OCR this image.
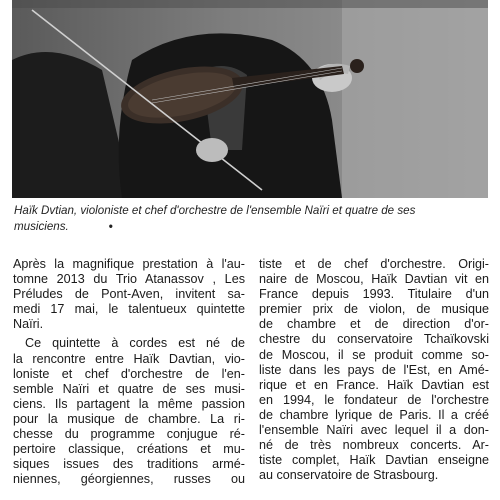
Haïk Dvtian, violoniste et chef d'orchestre de l'ensemble Naïri et quatre de ses
musiciens.	•
Après la magnifique prestation à l'au-
tomne 2013 du Trio Atanassov , Les
Préludes de Pont-Aven, invitent sa-
medi 17 mai, le talentueux quintette
Naïri.
Ce quintette à cordes est né de
la rencontre entre Haïk Davtian, vio-
loniste et chef d'orchestre de l'en-
semble Naïri et quatre de ses musi-
ciens. Ils partagent la même passion
pour la musique de chambre. La ri-
chesse du programme conjugue ré-
pertoire classique, créations et mu-
siques issues des traditions armé-
niennes, géorgiennes, russes ou
tiste et de chef d'orchestre. Origi-
naire de Moscou, Haïk Davtian vit en
France depuis 1993. Titulaire d'un
premier prix de violon, de musique
de chambre et de direction d'or-
chestre du conservatoire Tchaïkovski
de Moscou, il se produit comme so-
liste dans les pays de l'Est, en Amé-
rique et en France. Haïk Davtian est
en 1994, le fondateur de l'orchestre
de chambre lyrique de Paris. Il a créé
l'ensemble Naïri avec lequel il a don-
né de très nombreux concerts. Ar-
tiste complet, Haïk Davtian enseigne
au conservatoire de Strasbourg.
